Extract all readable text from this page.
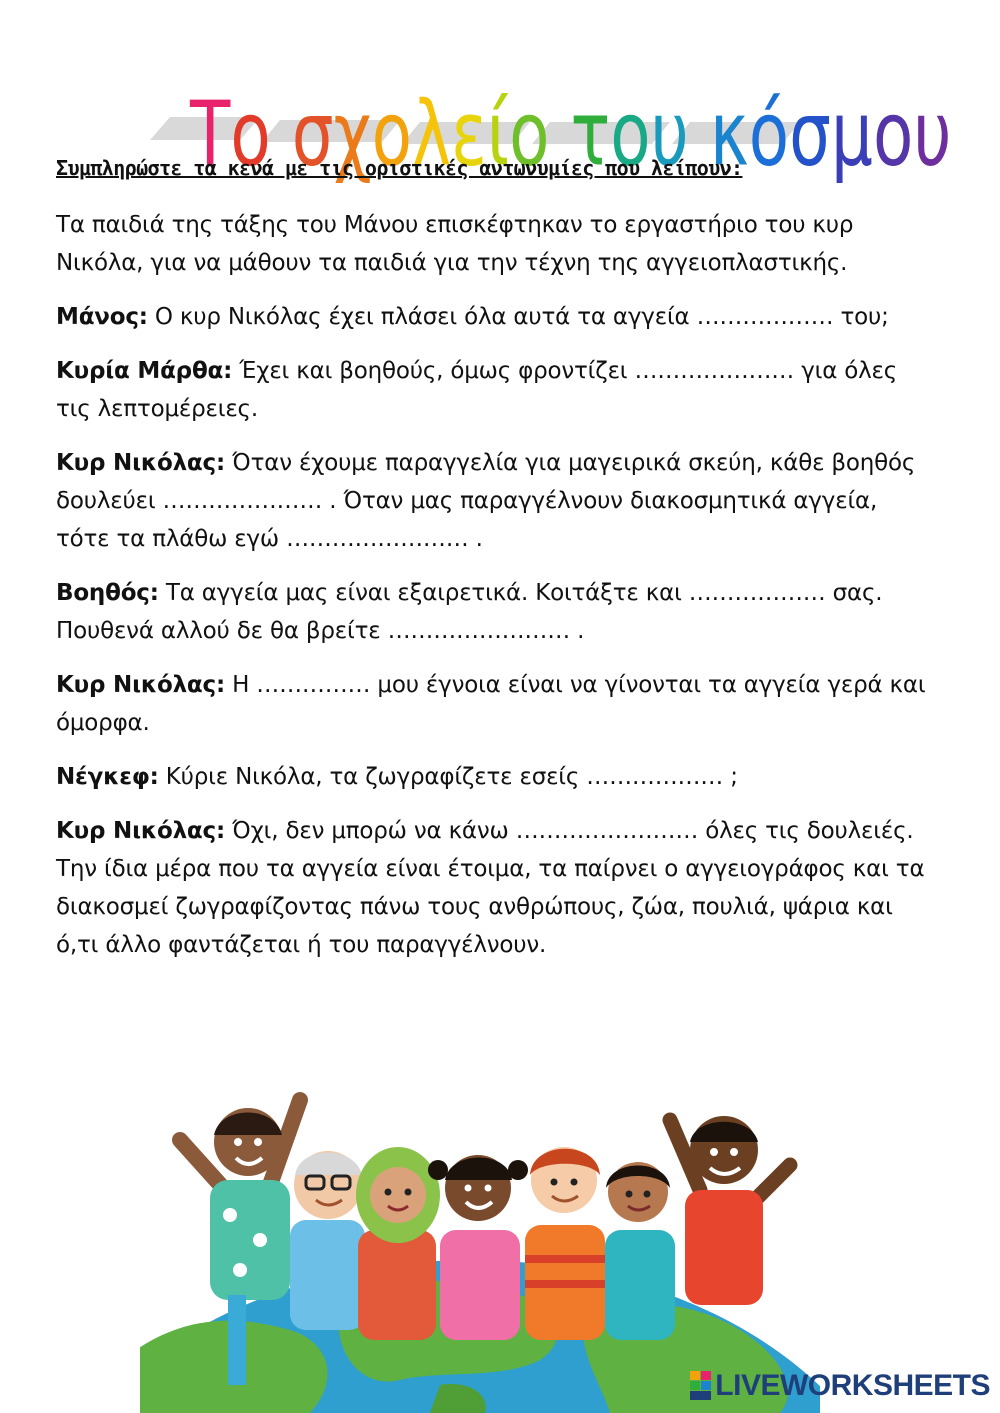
Το σχολείο του κόσμου

Συμπληρώστε τα κενά με τις οριστικές αντωνυμίες που λείπουν:

Τα παιδιά της τάξης του Μάνου επισκέφτηκαν το εργαστήριο του κυρ Νικόλα, για να μάθουν τα παιδιά για την τέχνη της αγγειοπλαστικής.

Μάνος: Ο κυρ Νικόλας έχει πλάσει όλα αυτά τα αγγεία ……………… του;

Κυρία Μάρθα: Έχει και βοηθούς, όμως φροντίζει ………………… για όλες τις λεπτομέρειες.

Κυρ Νικόλας: Όταν έχουμε παραγγελία για μαγειρικά σκεύη, κάθε βοηθός δουλεύει ………………… . Όταν μας παραγγέλνουν διακοσμητικά αγγεία, τότε τα πλάθω εγώ …………………… .

Βοηθός: Τα αγγεία μας είναι εξαιρετικά. Κοιτάξτε και ……………… σας. Πουθενά αλλού δε θα βρείτε …………………… .

Κυρ Νικόλας: Η …………… μου έγνοια είναι να γίνονται τα αγγεία γερά και όμορφα.

Νέγκεφ: Κύριε Νικόλα, τα ζωγραφίζετε εσείς ……………… ;

Κυρ Νικόλας: Όχι, δεν μπορώ να κάνω …………………… όλες τις δουλειές. Την ίδια μέρα που τα αγγεία είναι έτοιμα, τα παίρνει ο αγγειογράφος και τα διακοσμεί ζωγραφίζοντας πάνω τους ανθρώπους, ζώα, πουλιά, ψάρια και ό,τι άλλο φαντάζεται ή του παραγγέλνουν.

LIVEWORKSHEETS
